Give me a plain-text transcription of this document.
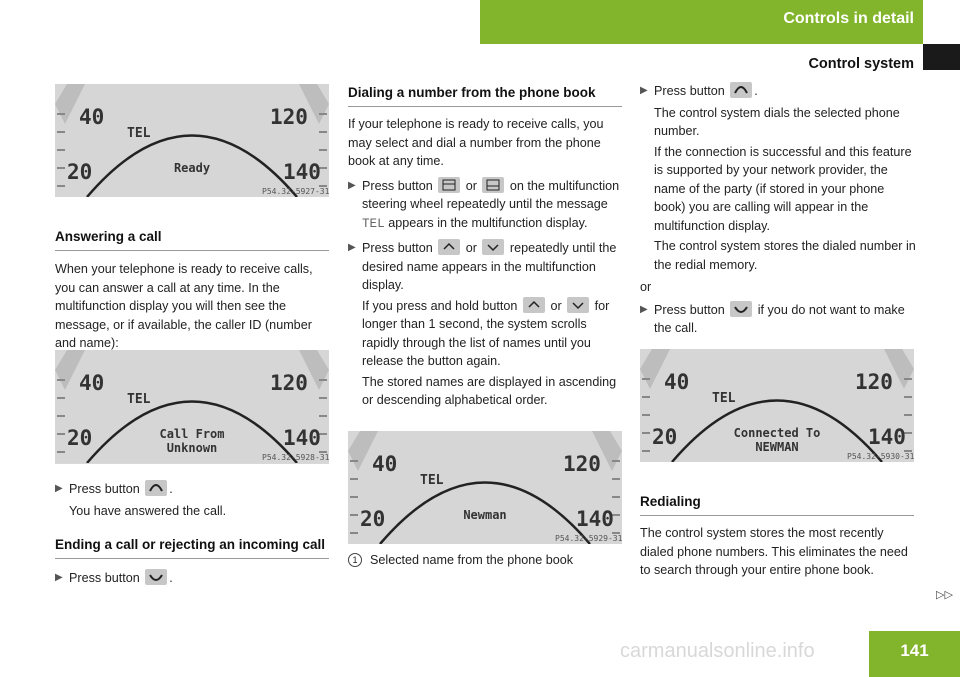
Controls in detail
Control system
40
20
120
140
TEL
Ready
P54.32-5927-31
40
20
120
140
TEL
Call From
Unknown
P54.32-5928-31 40
20
120
140
TEL
Newman
P54.32-5929-31
40
20
120
140
TEL
Connected To
NEWMAN
P54.32-5930-31
Answering a call

When your telephone is ready to receive calls, you can answer a call at any time. In the multifunction display you will then see the message, or if available, the caller ID (number and name):

▶ Press button .

You have answered the call.

Ending a call or rejecting an incoming call
▶ Press button .
Dialing a number from the phone book

If your telephone is ready to receive calls, you may select and dial a number from the phone book at any time.

▶ Press button	or	on the multifunction steering wheel repeatedly until the message TEL appears in the multifunction display.
▶ Press button	or	repeatedly until the desired name appears in the multifunction display.

If you press and hold button	or	for longer than 1 second, the system scrolls rapidly through the list of names until you release the button again.

The stored names are displayed in ascending or descending alphabetical order.

1 Selected name from the phone book
▶ Press button .

The control system dials the selected phone number.

If the connection is successful and this feature is supported by your network provider, the name of the party (if stored in your phone book) you are calling will appear in the multifunction display.

The control system stores the dialed number in the redial memory.

or

▶ Press button	if you do not want to make the call.
Redialing

The control system stores the most recently dialed phone numbers. This eliminates the need to search through your entire phone book.

▷▷
carmanualsonline.info	141
